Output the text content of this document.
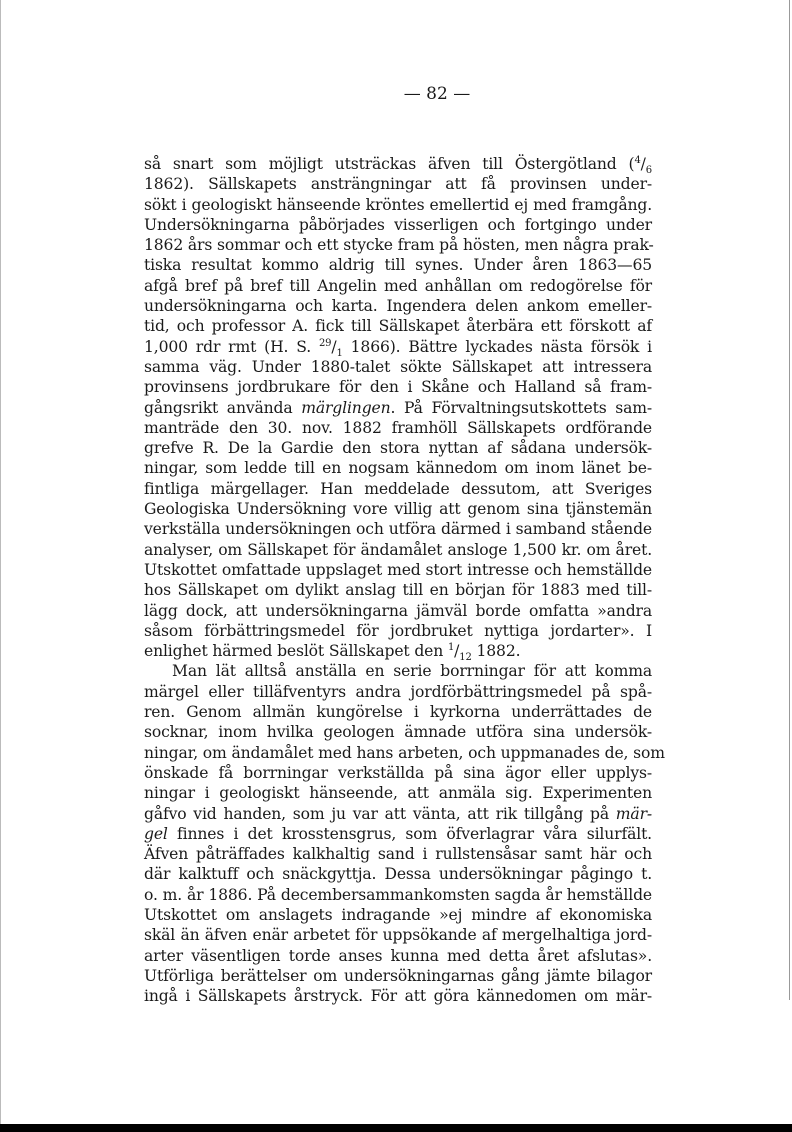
— 82 —
så snart som möjligt utsträckas äfven till Östergötland ($^4/_6$
1862). Sällskapets ansträngningar att få provinsen under-
sökt i geologiskt hänseende kröntes emellertid ej med framgång.
Undersökningarna påbörjades visserligen och fortgingo under
1862 års sommar och ett stycke fram på hösten, men några prak-
tiska resultat kommo aldrig till synes. Under åren 1863—65
afgå bref på bref till Angelin med anhållan om redogörelse för
undersökningarna och karta. Ingendera delen ankom emeller-
tid, och professor A. fick till Sällskapet återbära ett förskott af
1,000 rdr rmt (H. S. $^{29}/_1$ 1866). Bättre lyckades nästa försök i
samma väg. Under 1880-talet sökte Sällskapet att intressera
provinsens jordbrukare för den i Skåne och Halland så fram-
gångsrikt använda märglingen. På Förvaltningsutskottets sam-
manträde den 30. nov. 1882 framhöll Sällskapets ordförande
grefve R. De la Gardie den stora nyttan af sådana undersök-
ningar, som ledde till en nogsam kännedom om inom länet be-
fintliga märgellager. Han meddelade dessutom, att Sveriges
Geologiska Undersökning vore villig att genom sina tjänstemän
verkställa undersökningen och utföra därmed i samband stående
analyser, om Sällskapet för ändamålet ansloge 1,500 kr. om året.
Utskottet omfattade uppslaget med stort intresse och hemställde
hos Sällskapet om dylikt anslag till en början för 1883 med till-
lägg dock, att undersökningarna jämväl borde omfatta »andra
såsom förbättringsmedel för jordbruket nyttiga jordarter». I
enlighet härmed beslöt Sällskapet den $^1/_{12}$ 1882.
Man lät alltså anställa en serie borrningar för att komma
märgel eller tilläfventyrs andra jordförbättringsmedel på spå-
ren. Genom allmän kungörelse i kyrkorna underrättades de
socknar, inom hvilka geologen ämnade utföra sina undersök-
ningar, om ändamålet med hans arbeten, och uppmanades de, som
önskade få borrningar verkställda på sina ägor eller upplys-
ningar i geologiskt hänseende, att anmäla sig. Experimenten
gåfvo vid handen, som ju var att vänta, att rik tillgång på mär-
gel finnes i det krosstensgrus, som öfverlagrar våra silurfält.
Äfven påträffades kalkhaltig sand i rullstensåsar samt här och
där kalktuff och snäckgyttja. Dessa undersökningar pågingo t.
o. m. år 1886. På decembersammankomsten sagda år hemställde
Utskottet om anslagets indragande »ej mindre af ekonomiska
skäl än äfven enär arbetet för uppsökande af mergelhaltiga jord-
arter väsentligen torde anses kunna med detta året afslutas».
Utförliga berättelser om undersökningarnas gång jämte bilagor
ingå i Sällskapets årstryck. För att göra kännedomen om mär-
